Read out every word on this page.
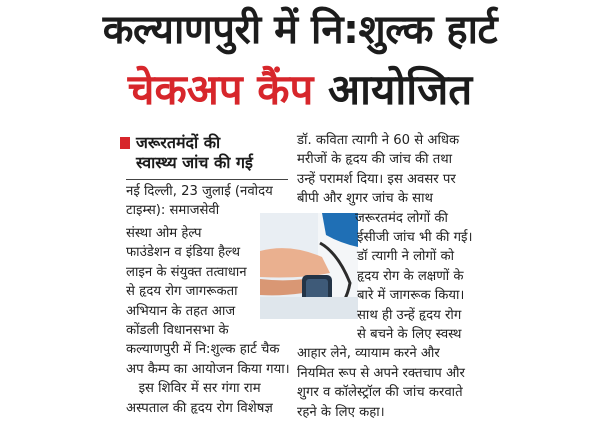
कल्याणपुरी में नि:शुल्क हार्ट
चेकअप कैंप आयोजित
जरूरतमंदों की
स्वास्थ्य जांच की गई
नई दिल्ली, 23 जुलाई (नवोदय
टाइम्स): समाजसेवी
संस्था ओम हेल्प
फाउंडेशन व इंडिया हैल्थ
लाइन के संयुक्त तत्वाधान
से हृदय रोग जागरूकता
अभियान के तहत आज
कोंडली विधानसभा के
कल्याणपुरी में नि:शुल्क हार्ट चैक
अप कैम्प का आयोजन किया गया।
इस शिविर में सर गंगा राम
अस्पताल की हृदय रोग विशेषज्ञ
डॉ. कविता त्यागी ने 60 से अधिक
मरीजों के हृदय की जांच की तथा
उन्हें परामर्श दिया। इस अवसर पर
बीपी और शुगर जांच के साथ
जरूरतमंद लोगों की
ईसीजी जांच भी की गई।
डॉ त्यागी ने लोगों को
हृदय रोग के लक्षणों के
बारे में जागरूक किया।
साथ ही उन्हें हृदय रोग
से बचने के लिए स्वस्थ
आहार लेने, व्यायाम करने और
नियमित रूप से अपने रक्तचाप और
शुगर व कॉलेस्ट्रॉल की जांच करवाते
रहने के लिए कहा।
